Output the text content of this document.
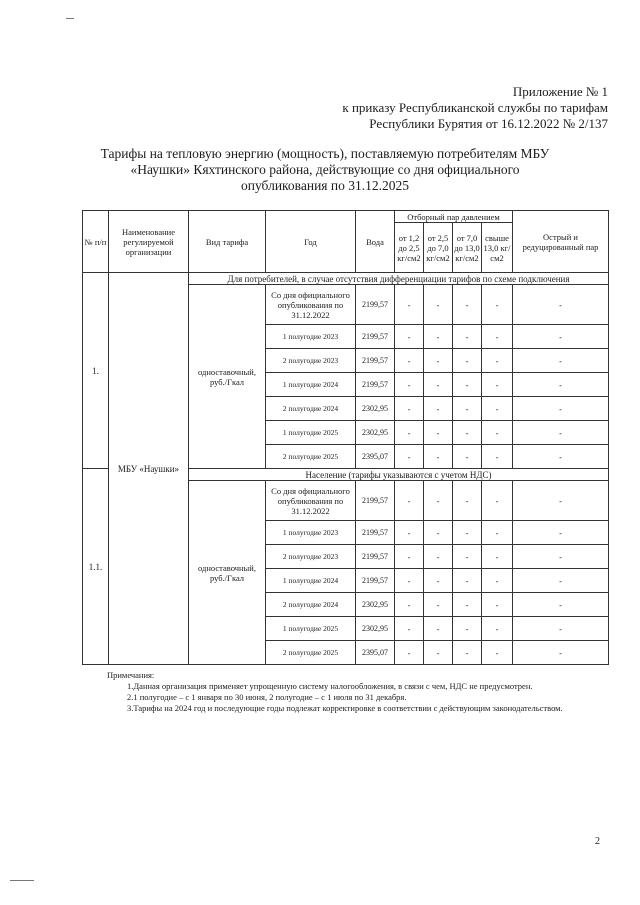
Приложение № 1
к приказу Республиканской службы по тарифам
Республики Бурятия от 16.12.2022 № 2/137
Тарифы на тепловую энергию (мощность), поставляемую потребителям МБУ
«Наушки» Кяхтинского района, действующие со дня официального
опубликования по 31.12.2025
№ п/п	Наименование регулируемой организации	Вид тарифа	Год	Вода	Отборный пар давлением				Острый и редуцированный пар
					от 1,2 до 2,5 кг/см2	от 2,5 до 7,0 кг/см2	от 7,0 до 13,0 кг/см2	свыше 13,0 кг/см2	
1.	МБУ «Наушки»	Для потребителей, в случае отсутствия дифференциации тарифов по схеме подключения							
		одноставочный, руб./Гкал	Со дня официального опубликования по 31.12.2022	2199,57	-	-	-	-	-
			1 полугодие 2023	2199,57	-	-	-	-	-
			2 полугодие 2023	2199,57	-	-	-	-	-
			1 полугодие 2024	2199,57	-	-	-	-	-
			2 полугодие 2024	2302,95	-	-	-	-	-
			1 полугодие 2025	2302,95	-	-	-	-	-
			2 полугодие 2025	2395,07	-	-	-	-	-
1.1.		Население (тарифы указываются с учетом НДС)							
		одноставочный, руб./Гкал	Со дня официального опубликования по 31.12.2022	2199,57	-	-	-	-	-
			1 полугодие 2023	2199,57	-	-	-	-	-
			2 полугодие 2023	2199,57	-	-	-	-	-
			1 полугодие 2024	2199,57	-	-	-	-	-
			2 полугодие 2024	2302,95	-	-	-	-	-
			1 полугодие 2025	2302,95	-	-	-	-	-
			2 полугодие 2025	2395,07	-	-	-	-	-

Примечания:

1.Данная организация применяет упрощенную систему налогообложения, в связи с чем, НДС не предусмотрен.

2.1 полугодие – с 1 января по 30 июня, 2 полугодие – с 1 июля по 31 декабря.

3.Тарифы на 2024 год и последующие годы подлежат корректировке в соответствии с действующим законодательством.

2
